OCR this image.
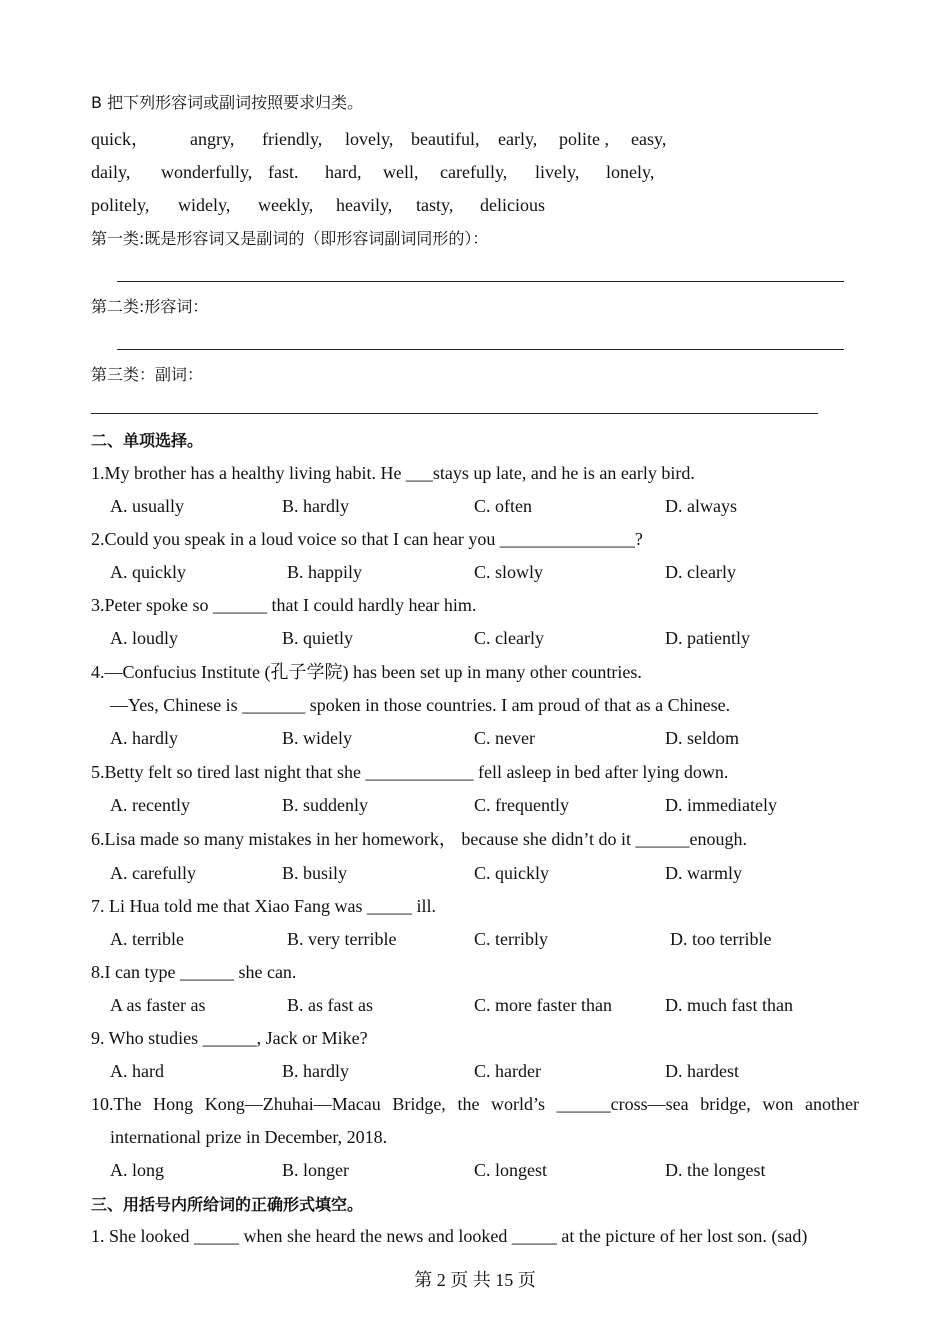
B 把下列形容词或副词按照要求归类。
quick， angry, friendly, lovely, beautiful, early, polite , easy,
daily, wonderfully, fast. hard, well, carefully, lively, lonely,
politely, widely, weekly, heavily, tasty, delicious
第一类:既是形容词又是副词的（即形容词副词同形的）：
第二类:形容词：
第三类：副词：
二、单项选择。
1.My brother has a healthy living habit. He ___stays up late, and he is an early bird.
A. usually	B. hardly	C. often	D. always
2.Could you speak in a loud voice so that I can hear you _______________?
A. quickly	B. happily	C. slowly	D. clearly
3.Peter spoke so ______ that I could hardly hear him.
A. loudly	B. quietly	C. clearly	D. patiently
4.—Confucius Institute (孔子学院) has been set up in many other countries.
—Yes, Chinese is _______ spoken in those countries. I am proud of that as a Chinese.
A. hardly	B. widely	C. never	D. seldom
5.Betty felt so tired last night that she ____________ fell asleep in bed after lying down.
A. recently	B. suddenly	C. frequently	D. immediately
6.Lisa made so many mistakes in her homework， because she didn’t do it ______enough.
A. carefully	B. busily	C. quickly	D. warmly
7. Li Hua told me that Xiao Fang was _____ ill.
A. terrible	B. very terrible	C. terribly	D. too terrible
8.I can type ______ she can.
A as faster as	B. as fast as	C. more faster than	D. much fast than
9. Who studies ______, Jack or Mike?
A. hard	B. hardly	C. harder	D. hardest
10.The Hong Kong—Zhuhai—Macau Bridge, the world’s ______cross—sea bridge, won another
international prize in December, 2018.
A. long	B. longer	C. longest	D. the longest
三、用括号内所给词的正确形式填空。
1. She looked _____ when she heard the news and looked _____ at the picture of her lost son. (sad)
第 2 页 共 15 页
